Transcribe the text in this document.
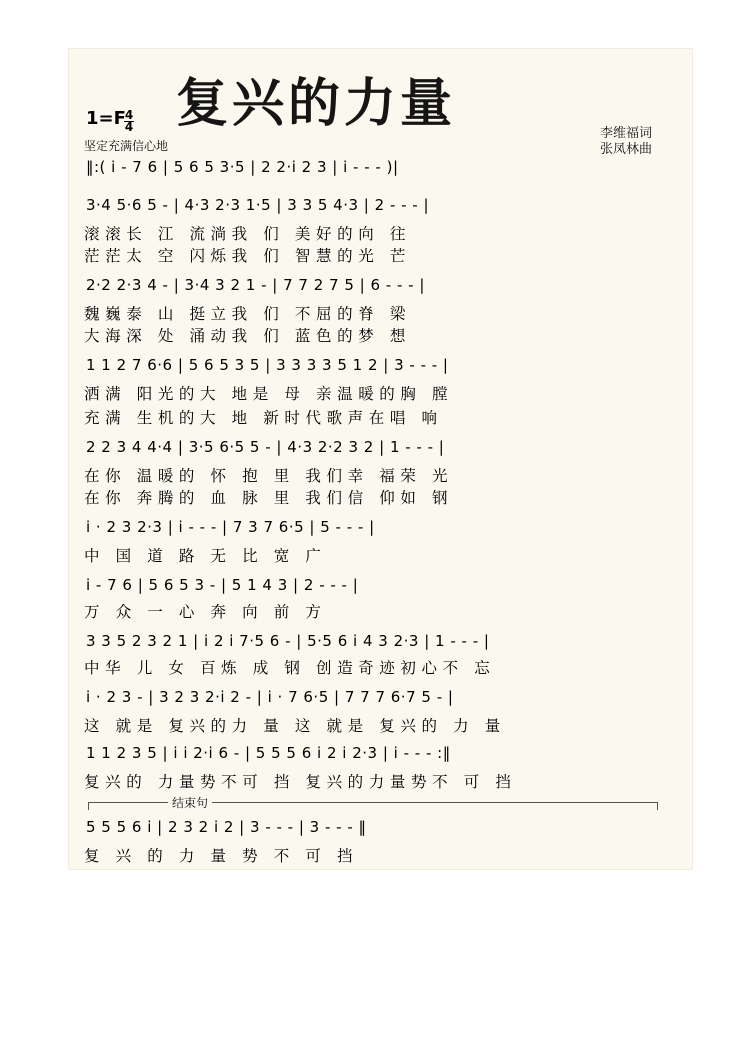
复兴的力量
1=F
4
4
坚定充满信心地
李维福词
张凤林曲
‖:( i - 7 6 | 5 6 5 3·5 | 2 2·i 2 3 | i - - - )|
3·4 5·6 5 - | 4·3 2·3 1·5 | 3 3 5 4·3 | 2 - - - |
滚滚长 江 流淌我 们 美好的向 往
茫茫太 空 闪烁我 们 智慧的光 芒
2·2 2·3 4 - | 3·4 3 2 1 - | 7 7 2 7 5 | 6 - - - |
魏巍泰 山 挺立我 们 不屈的脊 梁
大海深 处 涌动我 们 蓝色的梦 想
1 1 2 7 6·6 | 5 6 5 3 5 | 3 3 3 3 5 1 2 | 3 - - - |
洒满 阳光的大 地是 母 亲温暖的胸 膛
充满 生机的大 地 新时代歌声在唱 响
2 2 3 4 4·4 | 3·5 6·5 5 - | 4·3 2·2 3 2 | 1 - - - |
在你 温暖的 怀 抱 里 我们幸 福荣 光
在你 奔腾的 血 脉 里 我们信 仰如 钢
i · 2 3 2·3 | i - - - | 7 3 7 6·5 | 5 - - - |
中 国 道 路 无 比 宽 广
i - 7 6 | 5 6 5 3 - | 5 1 4 3 | 2 - - - |
万 众 一 心 奔 向 前 方
3 3 5 2 3 2 1 | i 2 i 7·5 6 - | 5·5 6 i 4 3 2·3 | 1 - - - |
中华 儿 女 百炼 成 钢 创造奇迹初心不 忘
i · 2 3 - | 3 2 3 2·i 2 - | i · 7 6·5 | 7 7 7 6·7 5 - |
这 就是 复兴的力 量 这 就是 复兴的 力 量
1 1 2 3 5 | i i 2·i 6 - | 5 5 5 6 i 2 i 2·3 | i - - - :‖
复兴的 力量势不可 挡 复兴的力量势不 可 挡
结束句
5 5 5 6 i | 2 3 2 i 2 | 3 - - - | 3 - - - ‖
复 兴 的 力 量 势 不 可 挡
